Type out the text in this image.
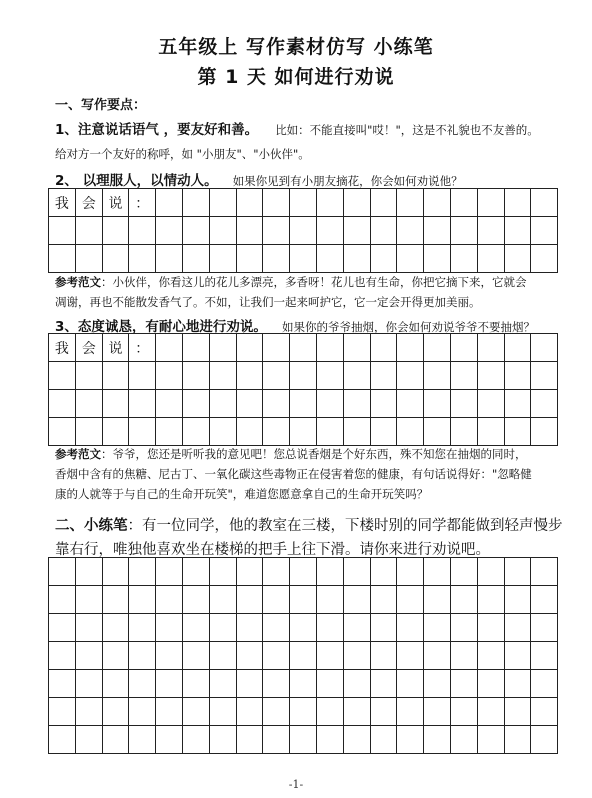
五年级上 写作素材仿写 小练笔
第 1 天 如何进行劝说
一、写作要点：
1、注意说话语气 ，要友好和善。 比如：不能直接叫"哎！"，这是不礼貌也不友善的。
给对方一个友好的称呼，如 "小朋友"、"小伙伴"。
2、 以理服人，以情动人。 如果你见到有小朋友摘花，你会如何劝说他？
我	会	说	：															

参考范文：小伙伴，你看这儿的花儿多漂亮，多香呀！花儿也有生命，你把它摘下来，它就会
凋谢，再也不能散发香气了。不如，让我们一起来呵护它，它一定会开得更加美丽。
3、态度诚恳，有耐心地进行劝说。 如果你的爷爷抽烟，你会如何劝说爷爷不要抽烟？
我	会	说	：															

参考范文：爷爷，您还是听听我的意见吧！您总说香烟是个好东西，殊不知您在抽烟的同时，
香烟中含有的焦糖、尼古丁、一氧化碳这些毒物正在侵害着您的健康，有句话说得好："忽略健
康的人就等于与自己的生命开玩笑"，难道您愿意拿自己的生命开玩笑吗？
二、小练笔：有一位同学，他的教室在三楼，下楼时别的同学都能做到轻声慢步
靠右行，唯独他喜欢坐在楼梯的把手上往下滑。请你来进行劝说吧。

-1-
